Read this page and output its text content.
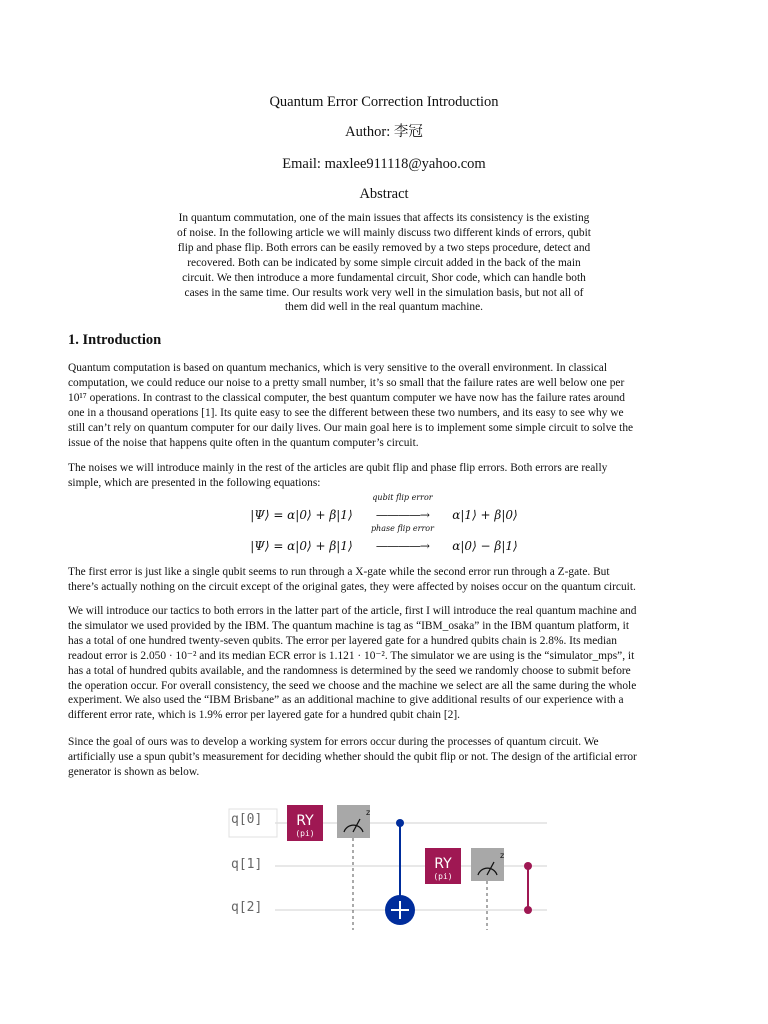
Quantum Error Correction Introduction
Author: 李冠
Email: maxlee911118@yahoo.com
Abstract

In quantum commutation, one of the main issues that affects its consistency is the existing

of noise. In the following article we will mainly discuss two different kinds of errors, qubit

flip and phase flip. Both errors can be easily removed by a two steps procedure, detect and

recovered. Both can be indicated by some simple circuit added in the back of the main

circuit. We then introduce a more fundamental circuit, Shor code, which can handle both

cases in the same time. Our results work very well in the simulation basis, but not all of

them did well in the real quantum machine.

1. Introduction

Quantum computation is based on quantum mechanics, which is very sensitive to the overall environment. In classical

computation, we could reduce our noise to a pretty small number, it’s so small that the failure rates are well below one per

10¹⁷ operations. In contrast to the classical computer, the best quantum computer we have now has the failure rates around

one in a thousand operations [1]. Its quite easy to see the different between these two numbers, and its easy to see why we

still can’t rely on quantum computer for our daily lives. Our main goal here is to implement some simple circuit to solve the

issue of the noise that happens quite often in the quantum computer’s circuit.

The noises we will introduce mainly in the rest of the articles are qubit flip and phase flip errors. Both errors are really

simple, which are presented in the following equations:

|Ψ⟩ = α|0⟩ + β|1⟩
qubit flip error
————→ α|1⟩ + β|0⟩
|Ψ⟩ = α|0⟩ + β|1⟩
phase flip error
————→ α|0⟩ − β|1⟩

The first error is just like a single qubit seems to run through a X-gate while the second error run through a Z-gate. But

there’s actually nothing on the circuit except of the original gates, they were affected by noises occur on the quantum circuit.

We will introduce our tactics to both errors in the latter part of the article, first I will introduce the real quantum machine and

the simulator we used provided by the IBM. The quantum machine is tag as “IBM_osaka” in the IBM quantum platform, it

has a total of one hundred twenty-seven qubits. The error per layered gate for a hundred qubits chain is 2.8%. Its median

readout error is 2.050 · 10⁻² and its median ECR error is 1.121 · 10⁻². The simulator we are using is the “simulator_mps”, it

has a total of hundred qubits available, and the randomness is determined by the seed we randomly choose to submit before

the operation occur. For overall consistency, the seed we choose and the machine we select are all the same during the whole

experiment. We also used the “IBM Brisbane” as an additional machine to give additional results of our experience with a

different error rate, which is 1.9% error per layered gate for a hundred qubit chain [2].

Since the goal of ours was to develop a working system for errors occur during the processes of quantum circuit. We

artificially use a spun qubit’s measurement for deciding whether should the qubit flip or not. The design of the artificial error

generator is shown as below.

q[0]
q[1]
q[2]
RY
(pi)
z
RY
(pi)
z
